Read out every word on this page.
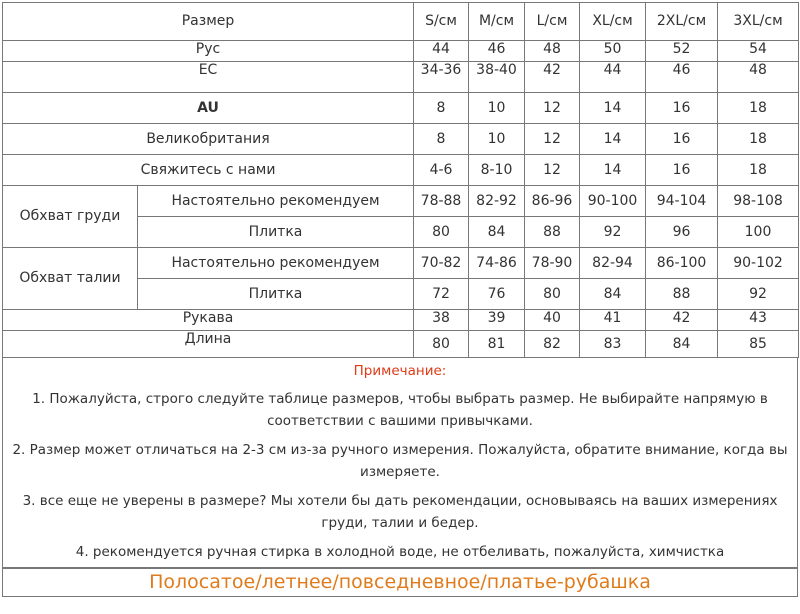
Размер		S/см	M/см	L/см	XL/см	2XL/см	3XL/см
Рус		44	46	48	50	52	54
ЕС		34-36	38-40	42	44	46	48
AU		8	10	12	14	16	18
Великобритания		8	10	12	14	16	18
Свяжитесь с нами		4-6	8-10	12	14	16	18
Обхват груди	Настоятельно рекомендуем	78-88	82-92	86-96	90-100	94-104	98-108
	Плитка	80	84	88	92	96	100
Обхват талии	Настоятельно рекомендуем	70-82	74-86	78-90	82-94	86-100	90-102
	Плитка	72	76	80	84	88	92
Рукава		38	39	40	41	42	43
Длина		80	81	82	83	84	85

Примечание:

1. Пожалуйста, строго следуйте таблице размеров, чтобы выбрать размер. Не выбирайте напрямую в соответствии с вашими привычками.

2. Размер может отличаться на 2-3 см из-за ручного измерения. Пожалуйста, обратите внимание, когда вы измеряете.

3. все еще не уверены в размере? Мы хотели бы дать рекомендации, основываясь на ваших измерениях груди, талии и бедер.

4. рекомендуется ручная стирка в холодной воде, не отбеливать, пожалуйста, химчистка

Полосатое/летнее/повседневное/платье-рубашка
